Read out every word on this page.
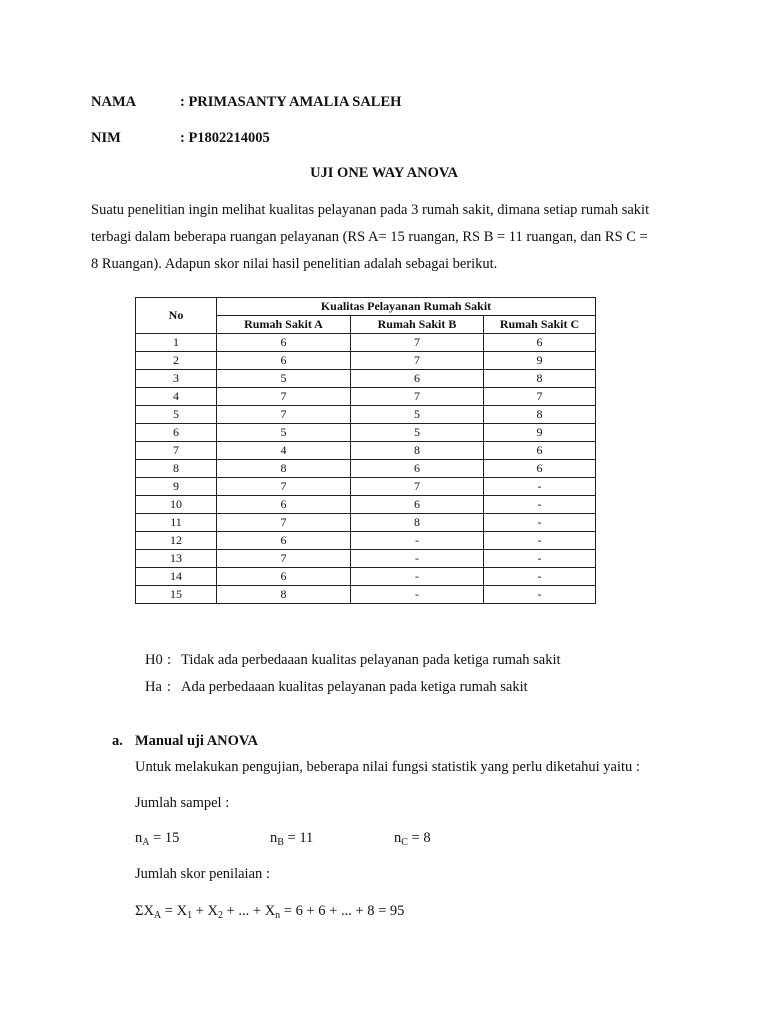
NAMA	: PRIMASANTY AMALIA SALEH
NIM	: P1802214005
UJI ONE WAY ANOVA
Suatu penelitian ingin melihat kualitas pelayanan pada 3 rumah sakit, dimana setiap rumah sakit
terbagi dalam beberapa ruangan pelayanan (RS A= 15 ruangan, RS B = 11 ruangan, dan RS C =
8 Ruangan). Adapun skor nilai hasil penelitian adalah sebagai berikut.
No	Kualitas Pelayanan Rumah Sakit		
	Rumah Sakit A	Rumah Sakit B	Rumah Sakit C
1	6	7	6
2	6	7	9
3	5	6	8
4	7	7	7
5	7	5	8
6	5	5	9
7	4	8	6
8	8	6	6
9	7	7	-
10	6	6	-
11	7	8	-
12	6	-	-
13	7	-	-
14	6	-	-
15	8	-	-
H0 : Tidak ada perbedaaan kualitas pelayanan pada ketiga rumah sakit
Ha : Ada perbedaaan kualitas pelayanan pada ketiga rumah sakit
a. Manual uji ANOVA
Untuk melakukan pengujian, beberapa nilai fungsi statistik yang perlu diketahui yaitu :
Jumlah sampel :
$n_A = 15$	$n_B = 11$	$n_C = 8$
Jumlah skor penilaian :
$\Sigma X_A = X_1 + X_2$ + ... + $X_n = 6 + 6$ + ... + 8 = 95
